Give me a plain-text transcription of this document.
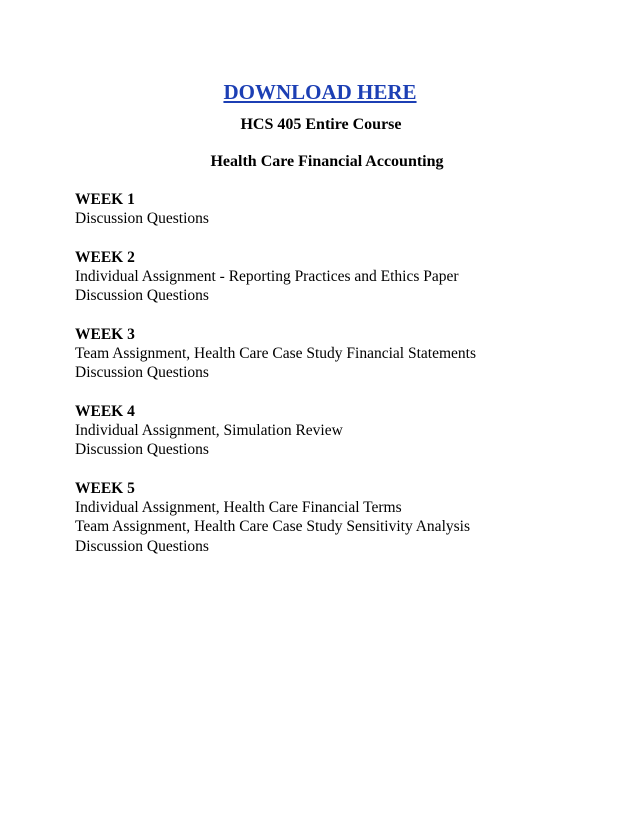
DOWNLOAD HERE
HCS 405 Entire Course
Health Care Financial Accounting
WEEK 1
Discussion Questions
WEEK 2
Individual Assignment - Reporting Practices and Ethics Paper
Discussion Questions
WEEK 3
Team Assignment, Health Care Case Study Financial Statements
Discussion Questions
WEEK 4
Individual Assignment, Simulation Review
Discussion Questions
WEEK 5
Individual Assignment, Health Care Financial Terms
Team Assignment, Health Care Case Study Sensitivity Analysis
Discussion Questions
